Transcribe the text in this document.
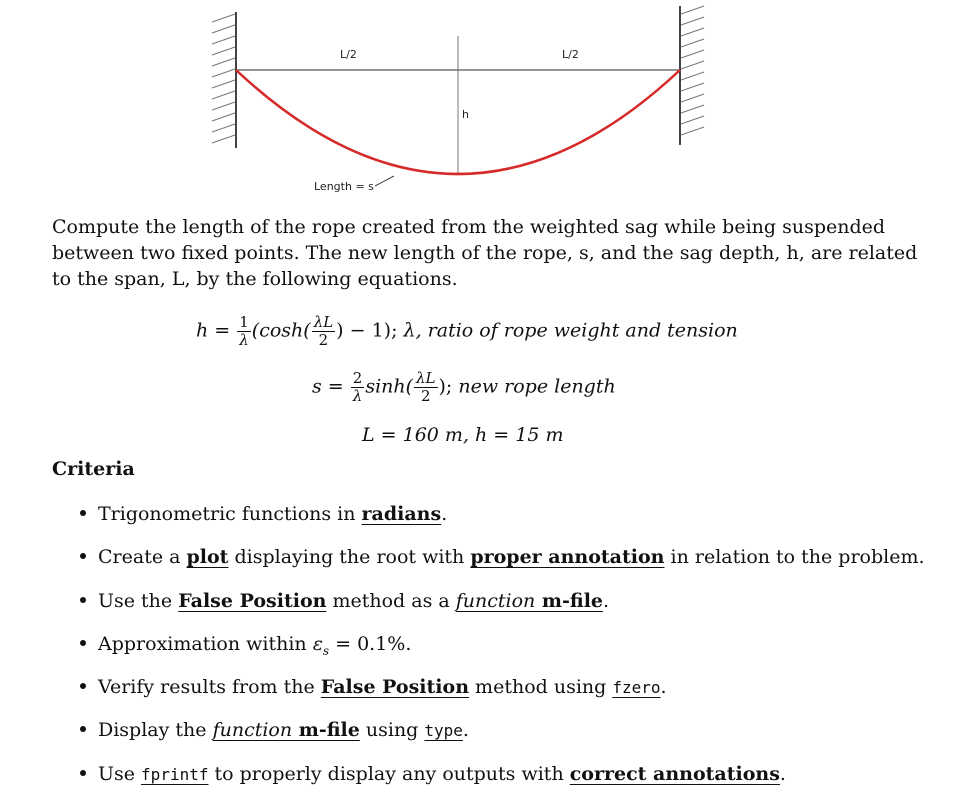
L/2	L/2
h
Length = s

Compute the length of the rope created from the weighted sag while being suspended between two fixed points. The new length of the rope, s, and the sag depth, h, are related to the span, L, by the following equations.

$h = \frac{1}{\lambda} (\cosh( \frac{\lambda L}{2}$ ) − 1); λ, ratio of rope weight and tension
$s = \frac{2}{\lambda} \sinh( \frac{\lambda L}{2}$ ); new rope length
L = 160 m, h = 15 m
Criteria
Trigonometric functions in radians.
Create a plot displaying the root with proper annotation in relation to the problem.
Use the False Position method as a function m-file.
Approximation within $\varepsilon_s = 0.1\%$.
Verify results from the False Position method using fzero.
Display the function m-file using type.
Use fprintf to properly display any outputs with correct annotations.
